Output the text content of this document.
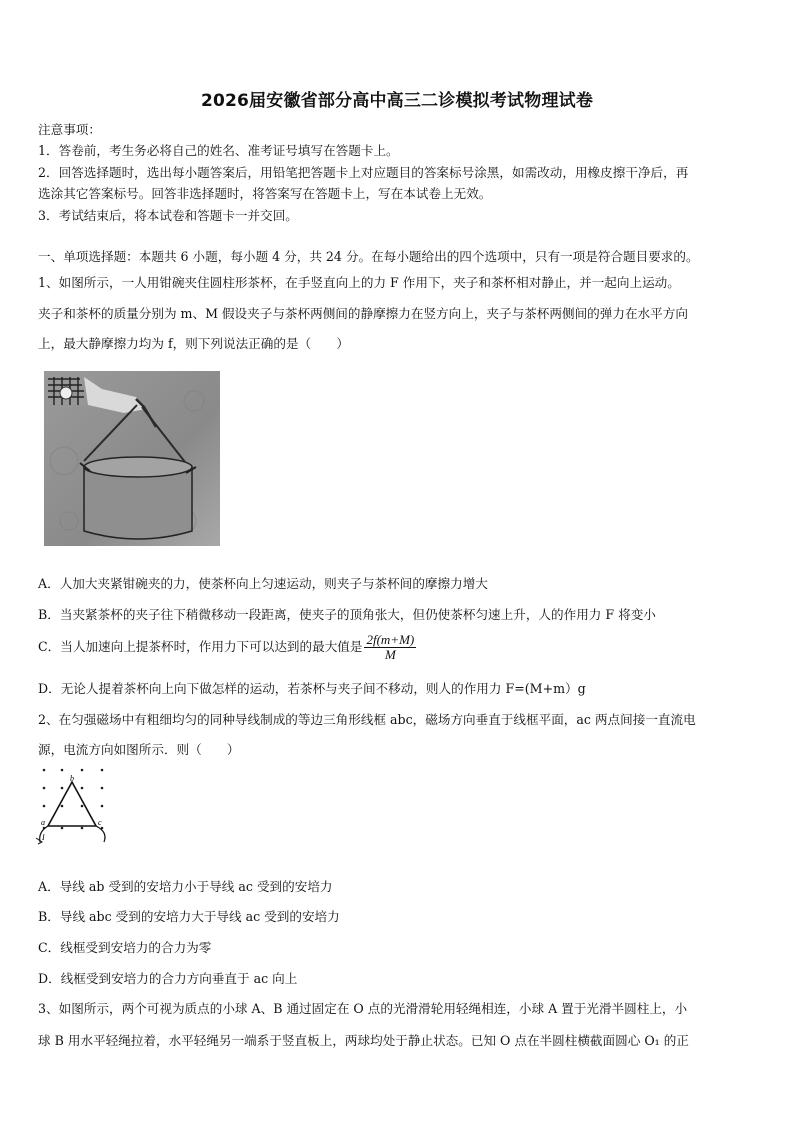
2026届安徽省部分高中高三二诊模拟考试物理试卷
注意事项：
1．答卷前，考生务必将自己的姓名、准考证号填写在答题卡上。
2．回答选择题时，选出每小题答案后，用铅笔把答题卡上对应题目的答案标号涂黑，如需改动，用橡皮擦干净后，再
选涂其它答案标号。回答非选择题时，将答案写在答题卡上，写在本试卷上无效。
3．考试结束后，将本试卷和答题卡一并交回。
一、单项选择题：本题共 6 小题，每小题 4 分，共 24 分。在每小题给出的四个选项中，只有一项是符合题目要求的。
1、如图所示，一人用钳碗夹住圆柱形茶杯，在手竖直向上的力 F 作用下，夹子和茶杯相对静止，并一起向上运动。
夹子和茶杯的质量分别为 m、M 假设夹子与茶杯两侧间的静摩擦力在竖方向上，夹子与茶杯两侧间的弹力在水平方向
上，最大静摩擦力均为 f，则下列说法正确的是（　　）
A．人加大夹紧钳碗夹的力，使茶杯向上匀速运动，则夹子与茶杯间的摩擦力增大
B．当夹紧茶杯的夹子往下稍微移动一段距离，使夹子的顶角张大，但仍使茶杯匀速上升，人的作用力 F 将变小
C．当人加速向上提茶杯时，作用力下可以达到的最大值是 $\frac{2f(m+M)}{M}$
D．无论人提着茶杯向上向下做怎样的运动，若茶杯与夹子间不移动，则人的作用力 F=(M+m）g
2、在匀强磁场中有粗细均匀的同种导线制成的等边三角形线框 abc，磁场方向垂直于线框平面，ac 两点间接一直流电
源，电流方向如图所示．则（　　）
b
a	c
I
A．导线 ab 受到的安培力小于导线 ac 受到的安培力
B．导线 abc 受到的安培力大于导线 ac 受到的安培力
C．线框受到安培力的合力为零
D．线框受到安培力的合力方向垂直于 ac 向上
3、如图所示，两个可视为质点的小球 A、B 通过固定在 O 点的光滑滑轮用轻绳相连，小球 A 置于光滑半圆柱上，小
球 B 用水平轻绳拉着，水平轻绳另一端系于竖直板上，两球均处于静止状态。已知 O 点在半圆柱横截面圆心 O₁ 的正
